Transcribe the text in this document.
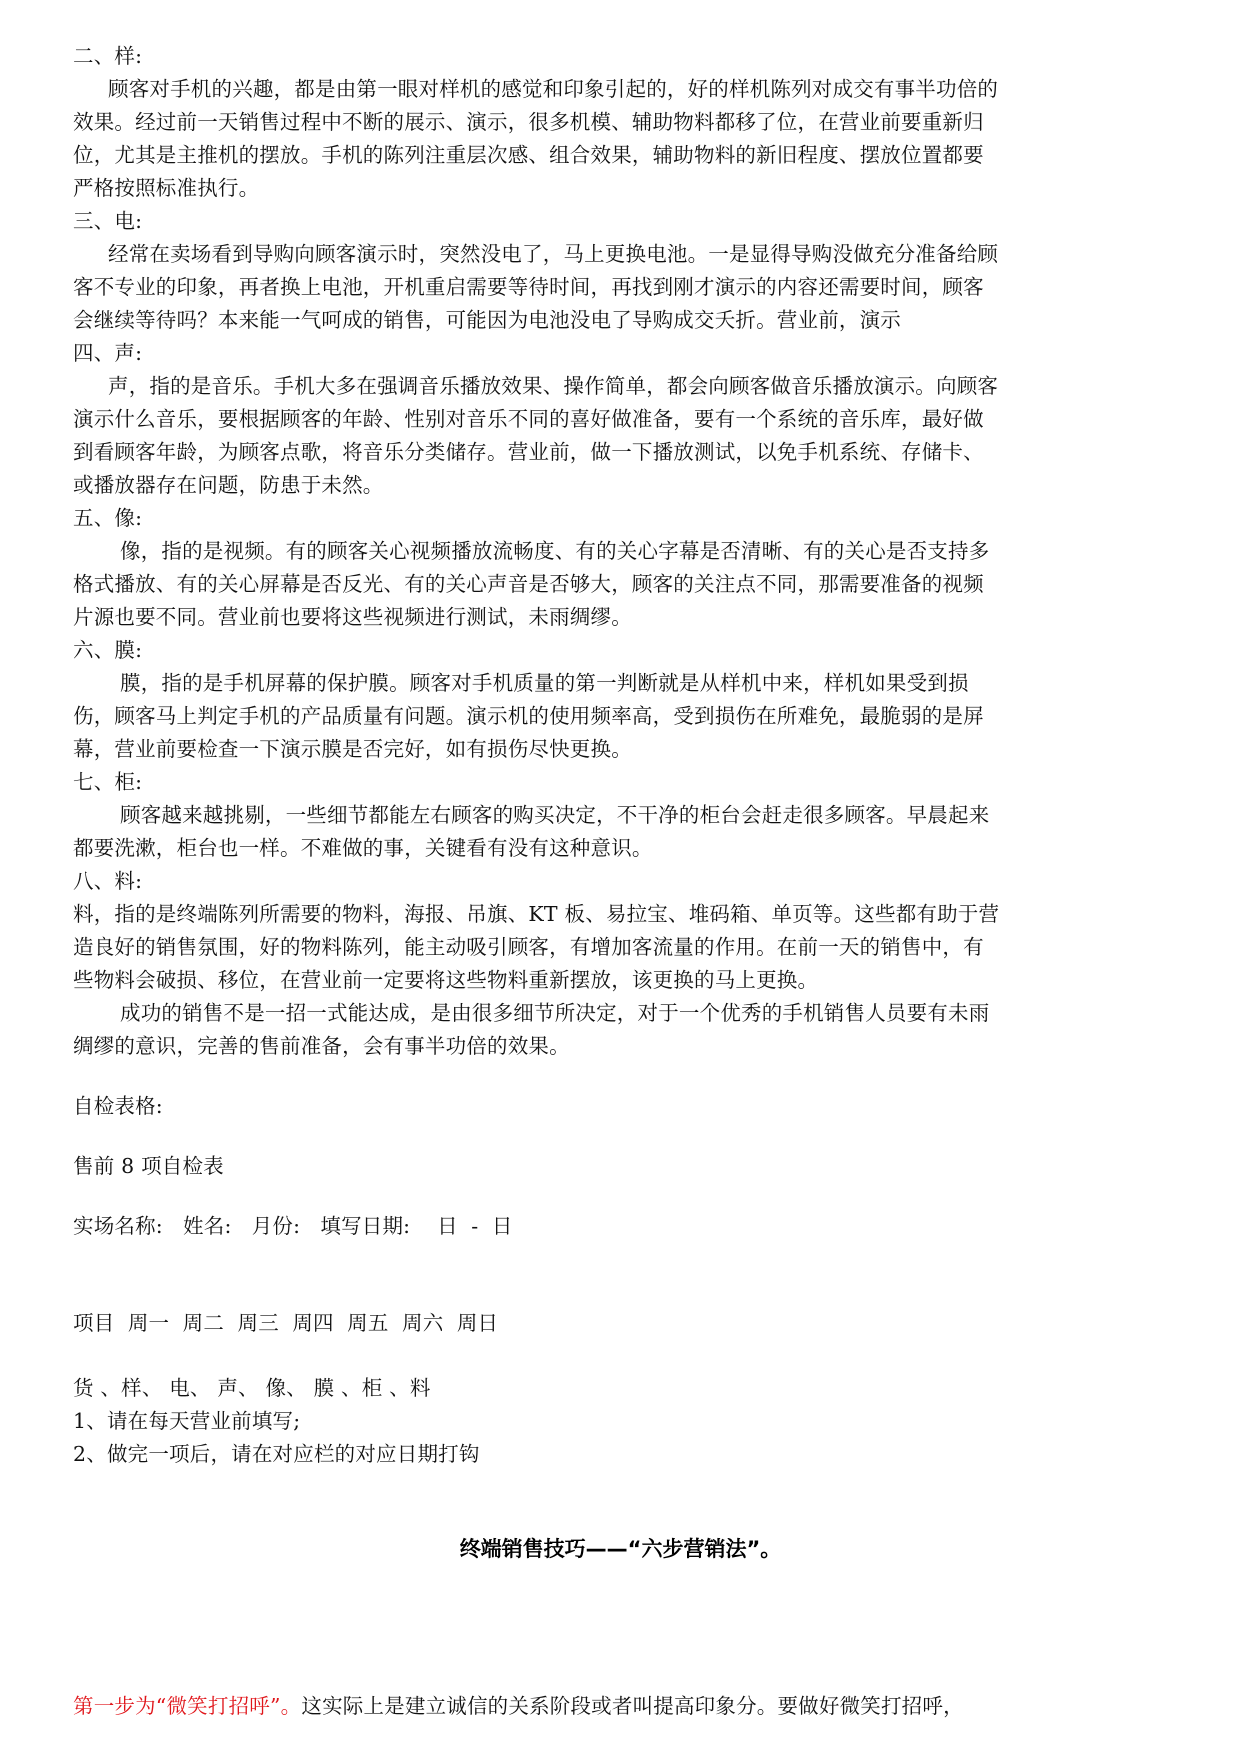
二、样:
顾客对手机的兴趣，都是由第一眼对样机的感觉和印象引起的，好的样机陈列对成交有事半功倍的
效果。经过前一天销售过程中不断的展示、演示，很多机模、辅助物料都移了位，在营业前要重新归
位，尤其是主推机的摆放。手机的陈列注重层次感、组合效果，辅助物料的新旧程度、摆放位置都要
严格按照标准执行。
三、电:
经常在卖场看到导购向顾客演示时，突然没电了，马上更换电池。一是显得导购没做充分准备给顾
客不专业的印象，再者换上电池，开机重启需要等待时间，再找到刚才演示的内容还需要时间，顾客
会继续等待吗？本来能一气呵成的销售，可能因为电池没电了导购成交夭折。营业前，演示
四、声:
声，指的是音乐。手机大多在强调音乐播放效果、操作简单，都会向顾客做音乐播放演示。向顾客
演示什么音乐，要根据顾客的年龄、性别对音乐不同的喜好做准备，要有一个系统的音乐库，最好做
到看顾客年龄，为顾客点歌，将音乐分类储存。营业前，做一下播放测试，以免手机系统、存储卡、
或播放器存在问题，防患于未然。
五、像:
像，指的是视频。有的顾客关心视频播放流畅度、有的关心字幕是否清晰、有的关心是否支持多
格式播放、有的关心屏幕是否反光、有的关心声音是否够大，顾客的关注点不同，那需要准备的视频
片源也要不同。营业前也要将这些视频进行测试，未雨绸缪。
六、膜:
膜，指的是手机屏幕的保护膜。顾客对手机质量的第一判断就是从样机中来，样机如果受到损
伤，顾客马上判定手机的产品质量有问题。演示机的使用频率高，受到损伤在所难免，最脆弱的是屏
幕，营业前要检查一下演示膜是否完好，如有损伤尽快更换。
七、柜:
顾客越来越挑剔，一些细节都能左右顾客的购买决定，不干净的柜台会赶走很多顾客。早晨起来
都要洗漱，柜台也一样。不难做的事，关键看有没有这种意识。
八、料:
料，指的是终端陈列所需要的物料，海报、吊旗、KT 板、易拉宝、堆码箱、单页等。这些都有助于营
造良好的销售氛围，好的物料陈列，能主动吸引顾客，有增加客流量的作用。在前一天的销售中，有
些物料会破损、移位，在营业前一定要将这些物料重新摆放，该更换的马上更换。
成功的销售不是一招一式能达成，是由很多细节所决定，对于一个优秀的手机销售人员要有未雨
绸缪的意识，完善的售前准备，会有事半功倍的效果。
自检表格:
售前 8 项自检表
实场名称:   姓名:   月份:   填写日期:    日  -  日
项目  周一  周二  周三  周四  周五  周六  周日
货 、样、 电、 声、 像、 膜 、柜 、料
1、请在每天营业前填写;
2、做完一项后，请在对应栏的对应日期打钩
终端销售技巧——“六步营销法”。
第一步为“微笑打招呼”。这实际上是建立诚信的关系阶段或者叫提高印象分。要做好微笑打招呼，
